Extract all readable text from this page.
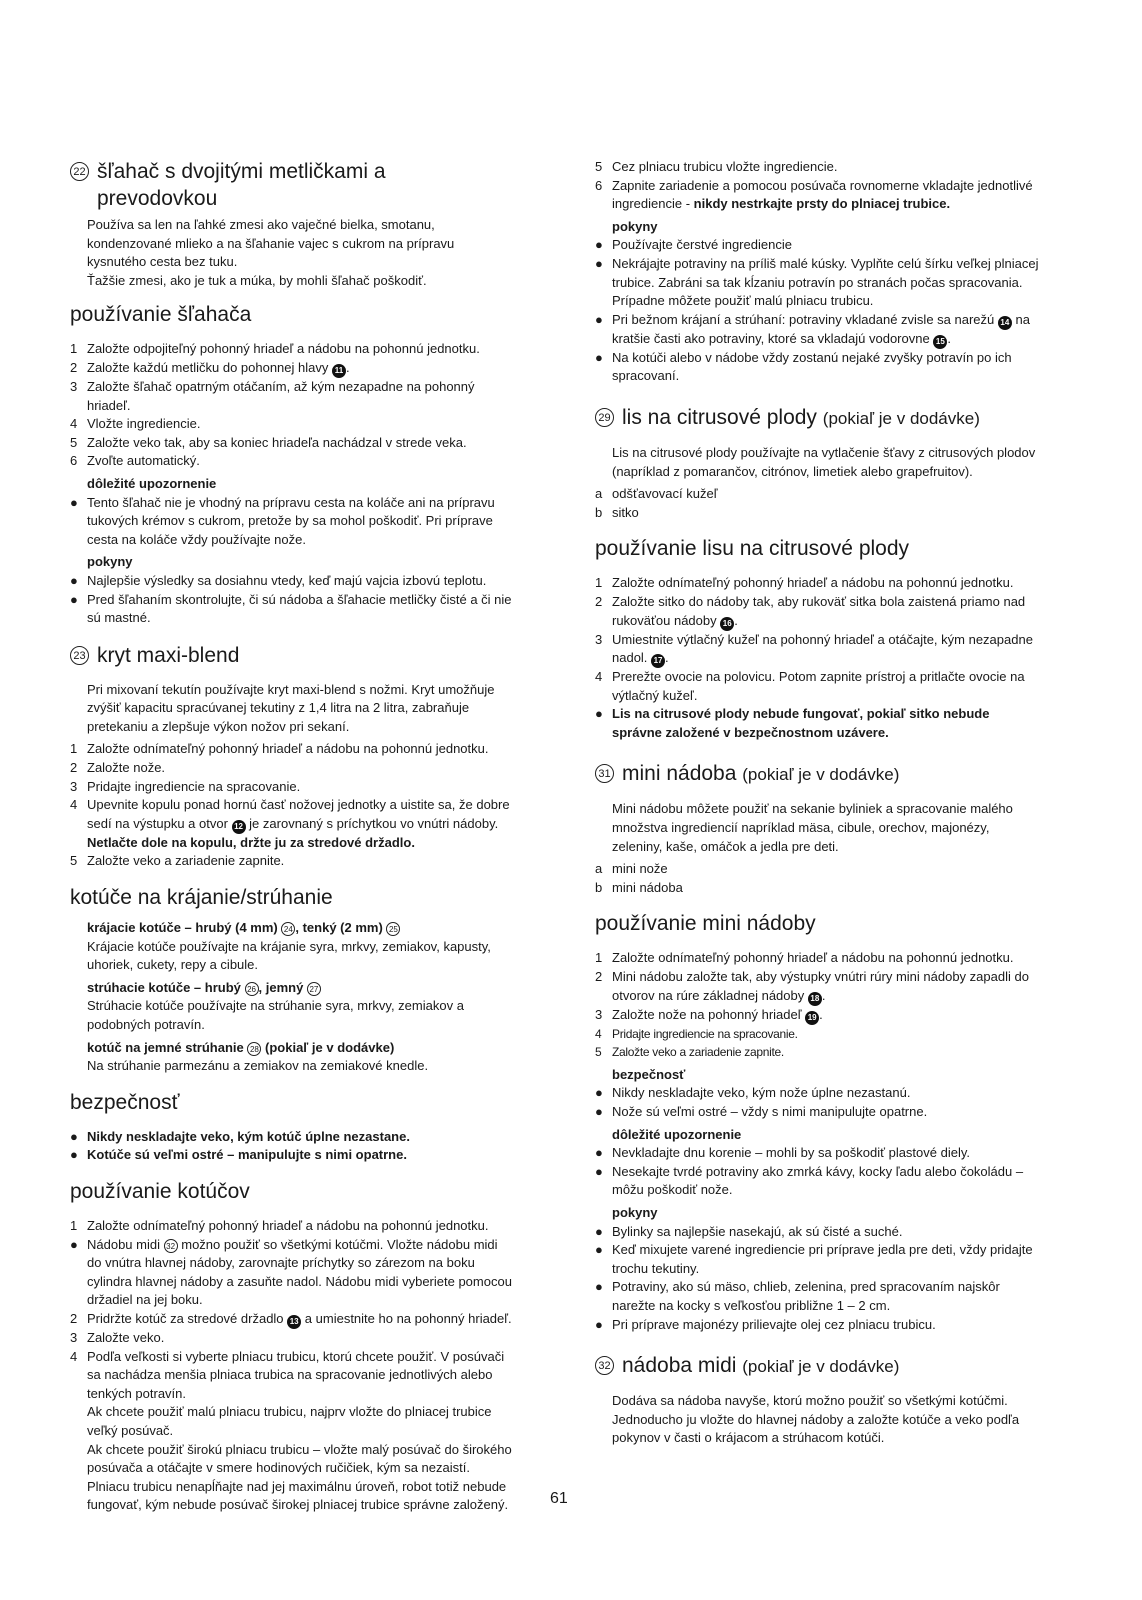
22 šľahač s dvojitými metličkami a
prevodovkou
Používa sa len na ľahké zmesi ako vaječné bielka, smotanu,
kondenzované mlieko a na šľahanie vajec s cukrom na prípravu
kysnutého cesta bez tuku.
Ťažšie zmesi, ako je tuk a múka, by mohli šľahač poškodiť.
používanie šľahača
1 Založte odpojiteľný pohonný hriadeľ a nádobu na pohonnú jednotku.
2 Založte každú metličku do pohonnej hlavy 11 .
3 Založte šľahač opatrným otáčaním, až kým nezapadne na pohonný
hriadeľ.
4 Vložte ingrediencie.
5 Založte veko tak, aby sa koniec hriadeľa nachádzal v strede veka.
6 Zvoľte automatický.
dôležité upozornenie
● Tento šľahač nie je vhodný na prípravu cesta na koláče ani na prípravu
tukových krémov s cukrom, pretože by sa mohol poškodiť. Pri príprave
cesta na koláče vždy používajte nože.
pokyny
● Najlepšie výsledky sa dosiahnu vtedy, keď majú vajcia izbovú teplotu.
● Pred šľahaním skontrolujte, či sú nádoba a šľahacie metličky čisté a či nie
sú mastné.
23 kryt maxi-blend
Pri mixovaní tekutín používajte kryt maxi-blend s nožmi. Kryt umožňuje
zvýšiť kapacitu spracúvanej tekutiny z 1,4 litra na 2 litra, zabraňuje
pretekaniu a zlepšuje výkon nožov pri sekaní.
1 Založte odnímateľný pohonný hriadeľ a nádobu na pohonnú jednotku.
2 Založte nože.
3 Pridajte ingrediencie na spracovanie.
4 Upevnite kopulu ponad hornú časť nožovej jednotky a uistite sa, že dobre
sedí na výstupku a otvor 12 je zarovnaný s príchytkou vo vnútri nádoby.
Netlačte dole na kopulu, držte ju za stredové držadlo.
5 Založte veko a zariadenie zapnite.
kotúče na krájanie/strúhanie
krájacie kotúče – hrubý (4 mm) 24 , tenký (2 mm) 25
Krájacie kotúče používajte na krájanie syra, mrkvy, zemiakov, kapusty,
uhoriek, cukety, repy a cibule.
strúhacie kotúče – hrubý 26 , jemný 27
Strúhacie kotúče používajte na strúhanie syra, mrkvy, zemiakov a
podobných potravín.
kotúč na jemné strúhanie 28 (pokiaľ je v dodávke)
Na strúhanie parmezánu a zemiakov na zemiakové knedle.
bezpečnosť
● Nikdy neskladajte veko, kým kotúč úplne nezastane.
● Kotúče sú veľmi ostré – manipulujte s nimi opatrne.
používanie kotúčov
1 Založte odnímateľný pohonný hriadeľ a nádobu na pohonnú jednotku.
● Nádobu midi 32 možno použiť so všetkými kotúčmi. Vložte nádobu midi
do vnútra hlavnej nádoby, zarovnajte príchytky so zárezom na boku
cylindra hlavnej nádoby a zasuňte nadol. Nádobu midi vyberiete pomocou
držadiel na jej boku.
2 Pridržte kotúč za stredové držadlo 13 a umiestnite ho na pohonný hriadeľ.
3 Založte veko.
4 Podľa veľkosti si vyberte plniacu trubicu, ktorú chcete použiť. V posúvači
sa nachádza menšia plniaca trubica na spracovanie jednotlivých alebo
tenkých potravín.
Ak chcete použiť malú plniacu trubicu, najprv vložte do plniacej trubice
veľký posúvač.
Ak chcete použiť širokú plniacu trubicu – vložte malý posúvač do širokého
posúvača a otáčajte v smere hodinových ručičiek, kým sa nezaistí.
Plniacu trubicu nenapĺňajte nad jej maximálnu úroveň, robot totiž nebude
fungovať, kým nebude posúvač širokej plniacej trubice správne založený.
5 Cez plniacu trubicu vložte ingrediencie.
6 Zapnite zariadenie a pomocou posúvača rovnomerne vkladajte jednotlivé
ingrediencie - nikdy nestrkajte prsty do plniacej trubice.
pokyny
● Používajte čerstvé ingrediencie
● Nekrájajte potraviny na príliš malé kúsky. Vyplňte celú šírku veľkej plniacej
trubice. Zabráni sa tak kĺzaniu potravín po stranách počas spracovania.
Prípadne môžete použiť malú plniacu trubicu.
● Pri bežnom krájaní a strúhaní: potraviny vkladané zvisle sa narežú 14 na
kratšie časti ako potraviny, ktoré sa vkladajú vodorovne 15 .
● Na kotúči alebo v nádobe vždy zostanú nejaké zvyšky potravín po ich
spracovaní.
29 lis na citrusové plody (pokiaľ je v dodávke)
Lis na citrusové plody používajte na vytlačenie šťavy z citrusových plodov
(napríklad z pomarančov, citrónov, limetiek alebo grapefruitov).
a odšťavovací kužeľ
b sitko
používanie lisu na citrusové plody
1 Založte odnímateľný pohonný hriadeľ a nádobu na pohonnú jednotku.
2 Založte sitko do nádoby tak, aby rukoväť sitka bola zaistená priamo nad
rukoväťou nádoby 16 .
3 Umiestnite výtlačný kužeľ na pohonný hriadeľ a otáčajte, kým nezapadne
nadol. 17 .
4 Prerežte ovocie na polovicu. Potom zapnite prístroj a pritlačte ovocie na
výtlačný kužeľ.
● Lis na citrusové plody nebude fungovať, pokiaľ sitko nebude
správne založené v bezpečnostnom uzávere.
31 mini nádoba (pokiaľ je v dodávke)
Mini nádobu môžete použiť na sekanie byliniek a spracovanie malého
množstva ingrediencií napríklad mäsa, cibule, orechov, majonézy,
zeleniny, kaše, omáčok a jedla pre deti.
a mini nože
b mini nádoba
používanie mini nádoby
1 Založte odnímateľný pohonný hriadeľ a nádobu na pohonnú jednotku.
2 Mini nádobu založte tak, aby výstupky vnútri rúry mini nádoby zapadli do
otvorov na rúre základnej nádoby 18 .
3 Založte nože na pohonný hriadeľ 19 .
4 Pridajte ingrediencie na spracovanie.
5 Založte veko a zariadenie zapnite.
bezpečnosť
● Nikdy neskladajte veko, kým nože úplne nezastanú.
● Nože sú veľmi ostré – vždy s nimi manipulujte opatrne.
dôležité upozornenie
● Nevkladajte dnu korenie – mohli by sa poškodiť plastové diely.
● Nesekajte tvrdé potraviny ako zmrká kávy, kocky ľadu alebo čokoládu –
môžu poškodiť nože.
pokyny
● Bylinky sa najlepšie nasekajú, ak sú čisté a suché.
● Keď mixujete varené ingrediencie pri príprave jedla pre deti, vždy pridajte
trochu tekutiny.
● Potraviny, ako sú mäso, chlieb, zelenina, pred spracovaním najskôr
narežte na kocky s veľkosťou približne 1 – 2 cm.
● Pri príprave majonézy prilievajte olej cez plniacu trubicu.
32 nádoba midi (pokiaľ je v dodávke)
Dodáva sa nádoba navyše, ktorú možno použiť so všetkými kotúčmi.
Jednoducho ju vložte do hlavnej nádoby a založte kotúče a veko podľa
pokynov v časti o krájacom a strúhacom kotúči.
61
